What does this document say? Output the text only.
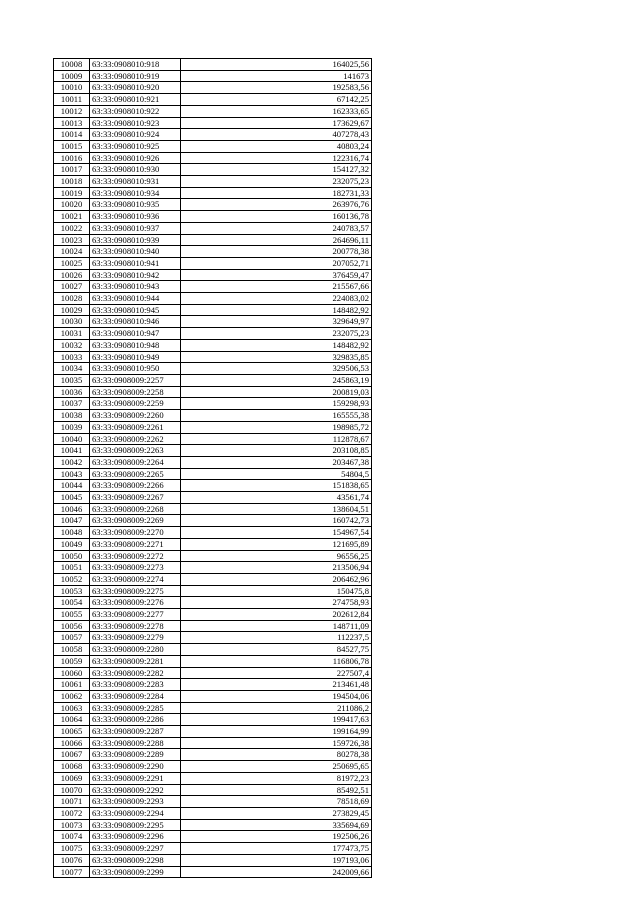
10008	63:33:0908010:918	164025,56
10009	63:33:0908010:919	141673
10010	63:33:0908010:920	192583,56
10011	63:33:0908010:921	67142,25
10012	63:33:0908010:922	162333,65
10013	63:33:0908010:923	173629,67
10014	63:33:0908010:924	407278,43
10015	63:33:0908010:925	40803,24
10016	63:33:0908010:926	122316,74
10017	63:33:0908010:930	154127,32
10018	63:33:0908010:931	232075,23
10019	63:33:0908010:934	182731,33
10020	63:33:0908010:935	263976,76
10021	63:33:0908010:936	160136,78
10022	63:33:0908010:937	240783,57
10023	63:33:0908010:939	264696,11
10024	63:33:0908010:940	200778,38
10025	63:33:0908010:941	207052,71
10026	63:33:0908010:942	376459,47
10027	63:33:0908010:943	215567,66
10028	63:33:0908010:944	224083,02
10029	63:33:0908010:945	148482,92
10030	63:33:0908010:946	329649,97
10031	63:33:0908010:947	232075,23
10032	63:33:0908010:948	148482,92
10033	63:33:0908010:949	329835,85
10034	63:33:0908010:950	329506,53
10035	63:33:0908009:2257	245863,19
10036	63:33:0908009:2258	200819,03
10037	63:33:0908009:2259	159298,93
10038	63:33:0908009:2260	165555,38
10039	63:33:0908009:2261	198985,72
10040	63:33:0908009:2262	112878,67
10041	63:33:0908009:2263	203108,85
10042	63:33:0908009:2264	203467,38
10043	63:33:0908009:2265	54804,5
10044	63:33:0908009:2266	151838,65
10045	63:33:0908009:2267	43561,74
10046	63:33:0908009:2268	138604,51
10047	63:33:0908009:2269	160742,73
10048	63:33:0908009:2270	154967,54
10049	63:33:0908009:2271	121695,89
10050	63:33:0908009:2272	96556,25
10051	63:33:0908009:2273	213506,94
10052	63:33:0908009:2274	206462,96
10053	63:33:0908009:2275	150475,8
10054	63:33:0908009:2276	274758,93
10055	63:33:0908009:2277	202612,84
10056	63:33:0908009:2278	148711,09
10057	63:33:0908009:2279	112237,5
10058	63:33:0908009:2280	84527,75
10059	63:33:0908009:2281	116806,78
10060	63:33:0908009:2282	227507,4
10061	63:33:0908009:2283	213461,48
10062	63:33:0908009:2284	194504,06
10063	63:33:0908009:2285	211086,2
10064	63:33:0908009:2286	199417,63
10065	63:33:0908009:2287	199164,99
10066	63:33:0908009:2288	159726,38
10067	63:33:0908009:2289	80278,38
10068	63:33:0908009:2290	250695,65
10069	63:33:0908009:2291	81972,23
10070	63:33:0908009:2292	85492,51
10071	63:33:0908009:2293	78518,69
10072	63:33:0908009:2294	273829,45
10073	63:33:0908009:2295	335694,69
10074	63:33:0908009:2296	192506,26
10075	63:33:0908009:2297	177473,75
10076	63:33:0908009:2298	197193,06
10077	63:33:0908009:2299	242009,66
